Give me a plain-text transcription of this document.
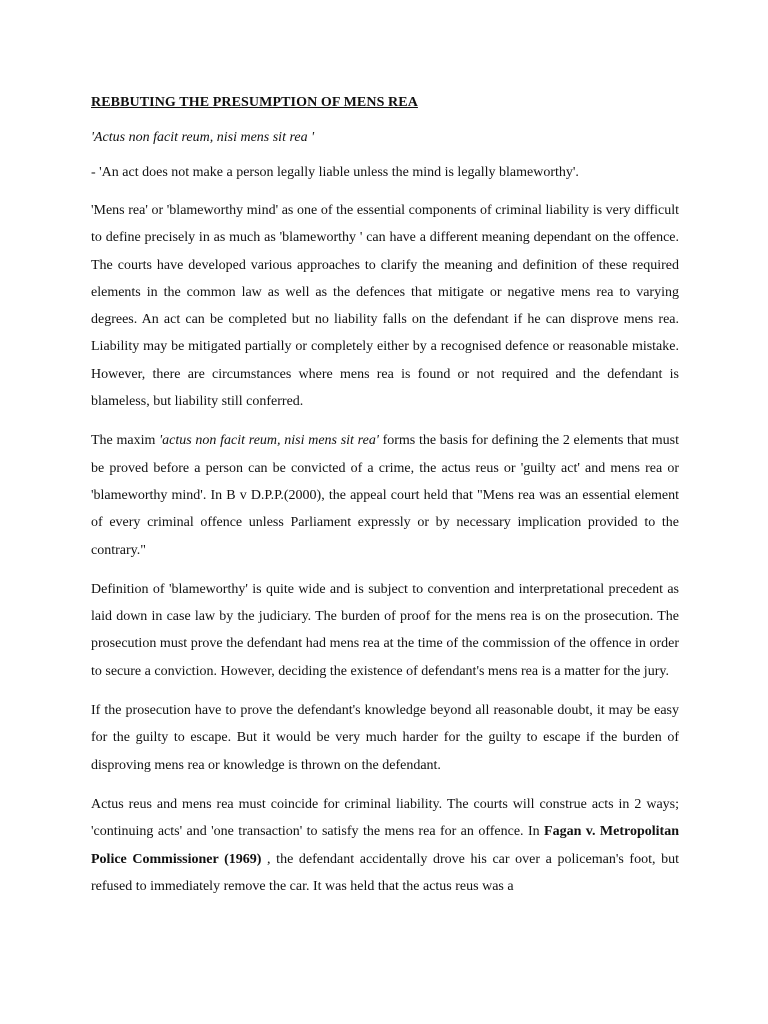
REBBUTING THE PRESUMPTION OF MENS REA
'Actus non facit reum, nisi mens sit rea '
- 'An act does not make a person legally liable unless the mind is legally blameworthy'.

'Mens rea' or 'blameworthy mind' as one of the essential components of criminal liability is very difficult to define precisely in as much as 'blameworthy ' can have a different meaning dependant on the offence. The courts have developed various approaches to clarify the meaning and definition of these required elements in the common law as well as the defences that mitigate or negative mens rea to varying degrees. An act can be completed but no liability falls on the defendant if he can disprove mens rea. Liability may be mitigated partially or completely either by a recognised defence or reasonable mistake. However, there are circumstances where mens rea is found or not required and the defendant is blameless, but liability still conferred.

The maxim 'actus non facit reum, nisi mens sit rea' forms the basis for defining the 2 elements that must be proved before a person can be convicted of a crime, the actus reus or 'guilty act' and mens rea or 'blameworthy mind'. In B v D.P.P.(2000), the appeal court held that "Mens rea was an essential element of every criminal offence unless Parliament expressly or by necessary implication provided to the contrary."

Definition of 'blameworthy' is quite wide and is subject to convention and interpretational precedent as laid down in case law by the judiciary. The burden of proof for the mens rea is on the prosecution. The prosecution must prove the defendant had mens rea at the time of the commission of the offence in order to secure a conviction. However, deciding the existence of defendant's mens rea is a matter for the jury.

If the prosecution have to prove the defendant's knowledge beyond all reasonable doubt, it may be easy for the guilty to escape. But it would be very much harder for the guilty to escape if the burden of disproving mens rea or knowledge is thrown on the defendant.

Actus reus and mens rea must coincide for criminal liability. The courts will construe acts in 2 ways; 'continuing acts' and 'one transaction' to satisfy the mens rea for an offence. In Fagan v. Metropolitan Police Commissioner (1969) , the defendant accidentally drove his car over a policeman's foot, but refused to immediately remove the car. It was held that the actus reus was a
